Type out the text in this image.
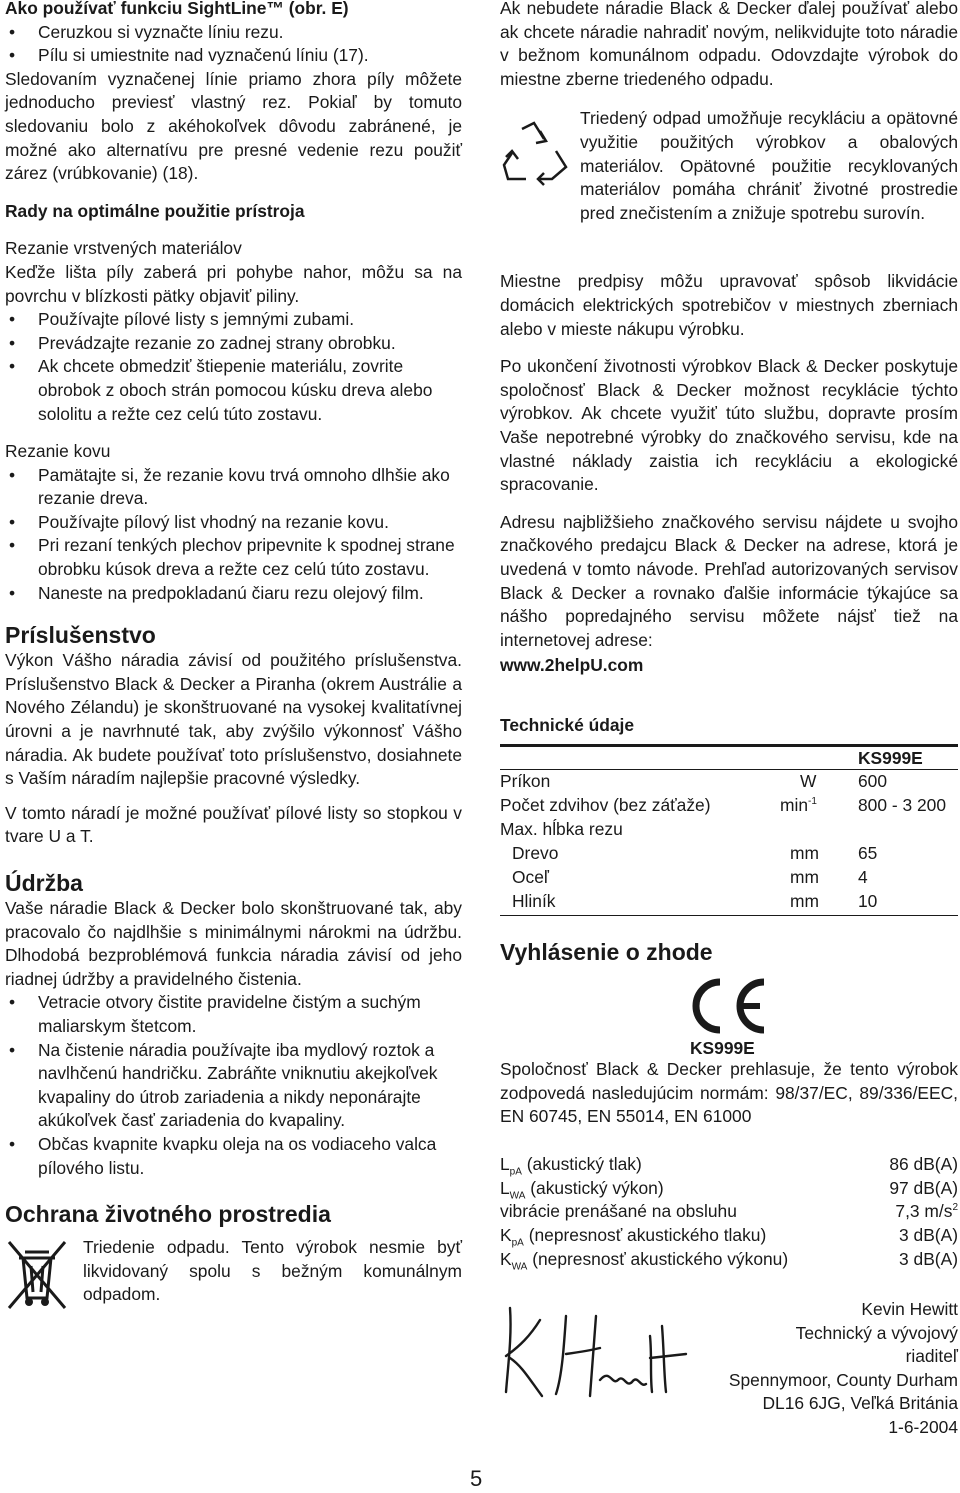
Ako používať funkciu SightLine™ (obr. E)

• Ceruzkou si vyznačte líniu rezu.
• Pílu si umiestnite nad vyznačenú líniu (17).

Sledovaním vyznačenej línie priamo zhora píly môžete jednoducho previesť vlastný rez. Pokiaľ by tomuto sledovaniu bolo z akéhokoľvek dôvodu zabránené, je možné ako alternatívu pre presné vedenie rezu použiť zárez (vrúbkovanie) (18).

Rady na optimálne použitie prístroja

Rezanie vrstvených materiálov

Keďže lišta píly zaberá pri pohybe nahor, môžu sa na povrchu v blízkosti pätky objaviť piliny.

• Používajte pílové listy s jemnými zubami.
• Prevádzajte rezanie zo zadnej strany obrobku.
• Ak chcete obmedziť štiepenie materiálu, zovrite obrobok z oboch strán pomocou kúsku dreva alebo sololitu a režte cez celú túto zostavu.

Rezanie kovu

• Pamätajte si, že rezanie kovu trvá omnoho dlhšie ako rezanie dreva.
• Používajte pílový list vhodný na rezanie kovu.
• Pri rezaní tenkých plechov pripevnite k spodnej strane obrobku kúsok dreva a režte cez celú túto zostavu.
• Naneste na predpokladanú čiaru rezu olejový film.

Príslušenstvo

Výkon Vášho náradia závisí od použitého príslušenstva. Príslušenstvo Black & Decker a Piranha (okrem Austrálie a Nového Zélandu) je skonštruované na vysokej kvalitatívnej úrovni a je navrhnuté tak, aby zvýšilo výkonnosť Vášho náradia. Ak budete používať toto príslušenstvo, dosiahnete s Vaším náradím najlepšie pracovné výsledky.

V tomto náradí je možné používať pílové listy so stopkou v tvare U a T.

Údržba

Vaše náradie Black & Decker bolo skonštruované tak, aby pracovalo čo najdlhšie s minimálnymi nárokmi na údržbu. Dlhodobá bezproblémová funkcia náradia závisí od jeho riadnej údržby a pravidelného čistenia.

• Vetracie otvory čistite pravidelne čistým a suchým maliarskym štetcom.
• Na čistenie náradia používajte iba mydlový roztok a navlhčenú handričku. Zabráňte vniknutiu akejkoľvek kvapaliny do útrob zariadenia a nikdy neponárajte akúkoľvek časť zariadenia do kvapaliny.
• Občas kvapnite kvapku oleja na os vodiaceho valca pílového listu.

Ochrana životného prostredia

Triedenie odpadu. Tento výrobok nesmie byť likvidovaný spolu s bežným komunálnym odpadom.

Ak nebudete náradie Black & Decker ďalej používať alebo ak chcete náradie nahradiť novým, nelikvidujte toto náradie v bežnom komunálnom odpadu. Odovzdajte výrobok do miestne zberne triedeného odpadu.

Triedený odpad umožňuje recykláciu a opätovné využitie použitých výrobkov a obalových materiálov. Opätovné použitie recyklovaných materiálov pomáha chrániť životné prostredie pred znečistením a znižuje spotrebu surovín.

Miestne predpisy môžu upravovať spôsob likvidácie domácich elektrických spotrebičov v miestnych zberniach alebo v mieste nákupu výrobku.

Po ukončení životnosti výrobkov Black & Decker poskytuje spoločnosť Black & Decker možnost recyklácie týchto výrobkov. Ak chcete využiť túto službu, dopravte prosím Vaše nepotrebné výrobky do značkového servisu, kde na vlastné náklady zaistia ich recykláciu a ekologické spracovanie.

Adresu najbližšieho značkového servisu nájdete u svojho značkového predajcu Black & Decker na adrese, ktorá je uvedená v tomto návode. Prehľad autorizovaných servisov Black & Decker a rovnako ďalšie informácie týkajúce sa nášho popredajného servisu môžete nájsť tiež na internetovej adrese:

www.2helpU.com

Technické údaje

KS999E
Príkon	W 600
Počet zdvihov (bez záťaže)	$\min^{-1} 800 - 3$ 200
Max. hĺbka rezu
Drevo	mm 65
Oceľ	mm 4
Hliník	mm 10

Vyhlásenie o zhode

KS999E

Spoločnosť Black & Decker prehlasuje, že tento výrobok zodpovedá nasledujúcim normám: 98/37/EC, 89/336/EEC, EN 60745, EN 55014, EN 61000

$L_{pA}$ (akustický tlak)	86 dB(A)
$L_{WA}$ (akustický výkon)	97 dB(A)
vibrácie prenášané na obsluhu	7,3 $m/s^2$
$K_{pA}$ (nepresnosť akustického tlaku)	3 dB(A)
$K_{WA}$ (nepresnosť akustického výkonu)	3 dB(A)
Kevin Hewitt
Technický a vývojový
riaditeľ
Spennymoor, County Durham
DL16 6JG, Veľká Británia
1-6-2004

5
